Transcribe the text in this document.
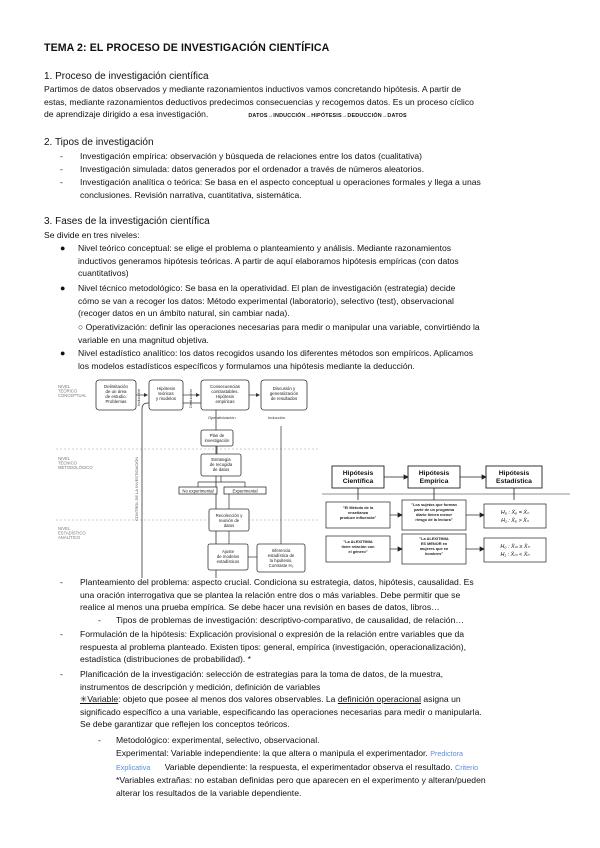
TEMA 2: EL PROCESO DE INVESTIGACIÓN CIENTÍFICA
1. Proceso de investigación científica
Partimos de datos observados y mediante razonamientos inductivos vamos concretando hipótesis. A partir de
estas, mediante razonamientos deductivos predecimos consecuencias y recogemos datos. Es un proceso cíclico
de aprendizaje dirigido a esa investigación.	DATOS→INDUCCIÓN→HIPÓTESIS→DEDUCCIÓN→DATOS
2. Tipos de investigación
- Investigación empírica: observación y búsqueda de relaciones entre los datos (cualitativa)
- Investigación simulada: datos generados por el ordenador a través de números aleatorios.
- Investigación analítica o teórica: Se basa en el aspecto conceptual u operaciones formales y llega a unas
conclusiones. Revisión narrativa, cuantitativa, sistemática.
3. Fases de la investigación científica
Se divide en tres niveles:
● Nivel teórico conceptual: se elige el problema o planteamiento y análisis. Mediante razonamientos
inductivos generamos hipótesis teóricas. A partir de aquí elaboramos hipótesis empíricas (con datos
cuantitativos)
● Nivel técnico metodológico: Se basa en la operatividad. El plan de investigación (estrategia) decide
cómo se van a recoger los datos: Método experimental (laboratorio), selectivo (test), observacional
(recoger datos en un ámbito natural, sin cambiar nada).
○ Operativización: definir las operaciones necesarias para medir o manipular una variable, convirtiéndo la
variable en una magnitud objetiva.
● Nivel estadístico analítico: los datos recogidos usando los diferentes métodos son empíricos. Aplicamos
los modelos estadísticos específicos y formulamos una hipótesis mediante la deducción.
NIVEL TEÓRICO CONCEPTUAL
NIVEL TÉCNICO METODOLÓGICO
NIVEL ESTADÍSTICO ANALÍTICO
CONTROL DE LA INVESTIGACIÓN
Delimitación de un área de estudio. Problemas
Hipótesis teóricas y modelos
Consecuencias contrastables. Hipótesis empíricas
Discusión y generalización de resultados
Inducción	Deducción
Operativización	Inducción
Plan de investigación
Estrategia de recogida de datos
No experimental	Experimental
Recolección y reunión de datos
Ajuste de modelos estadísticos
Inferencia estadística de la hipótesis. Contraste H₀
Hipótesis Científica
Hipótesis Empírica
Hipótesis Estadística
"El Método de la enseñanza produce influencia"
"Los sujetos que forman parte de un programa diario tienen menor riesgo de la lectura"
"La ALEXITIMIA tiene relación con el género"
"La ALEXITIMIA ES MENOR en mujeres que en hombres"
H₀ : X̄ₑ = X̄ₙ H₁ : X̄ₑ > X̄ₙ
H₀ : X̄ₘ ≥ X̄ₕ H₁ : X̄ₘ < X̄ₕ
- Planteamiento del problema: aspecto crucial. Condiciona su estrategia, datos, hipótesis, causalidad. Es
una oración interrogativa que se plantea la relación entre dos o más variables. Debe permitir que se
realice al menos una prueba empírica. Se debe hacer una revisión en bases de datos, libros…
- Tipos de problemas de investigación: descriptivo-comparativo, de causalidad, de relación…
- Formulación de la hipótesis: Explicación provisional o expresión de la relación entre variables que da
respuesta al problema planteado. Existen tipos: general, empírica (investigación, operacionalización),
estadística (distribuciones de probabilidad). *
- Planificación de la investigación: selección de estrategias para la toma de datos, de la muestra,
instrumentos de descripción y medición, definición de variables
✳Variable: objeto que posee al menos dos valores observables. La definición operacional asigna un
significado específico a una variable, especificando las operaciones necesarias para medir o manipularla.
Se debe garantizar que reflejen los conceptos teóricos.
- Metodológico: experimental, selectivo, observacional.
Experimental: Variable independiente: la que altera o manipula el experimentador. Predictora
Explicativa Variable dependiente: la respuesta, el experimentador observa el resultado. Criterio
*Variables extrañas: no estaban definidas pero que aparecen en el experimento y alteran/pueden
alterar los resultados de la variable dependiente.
